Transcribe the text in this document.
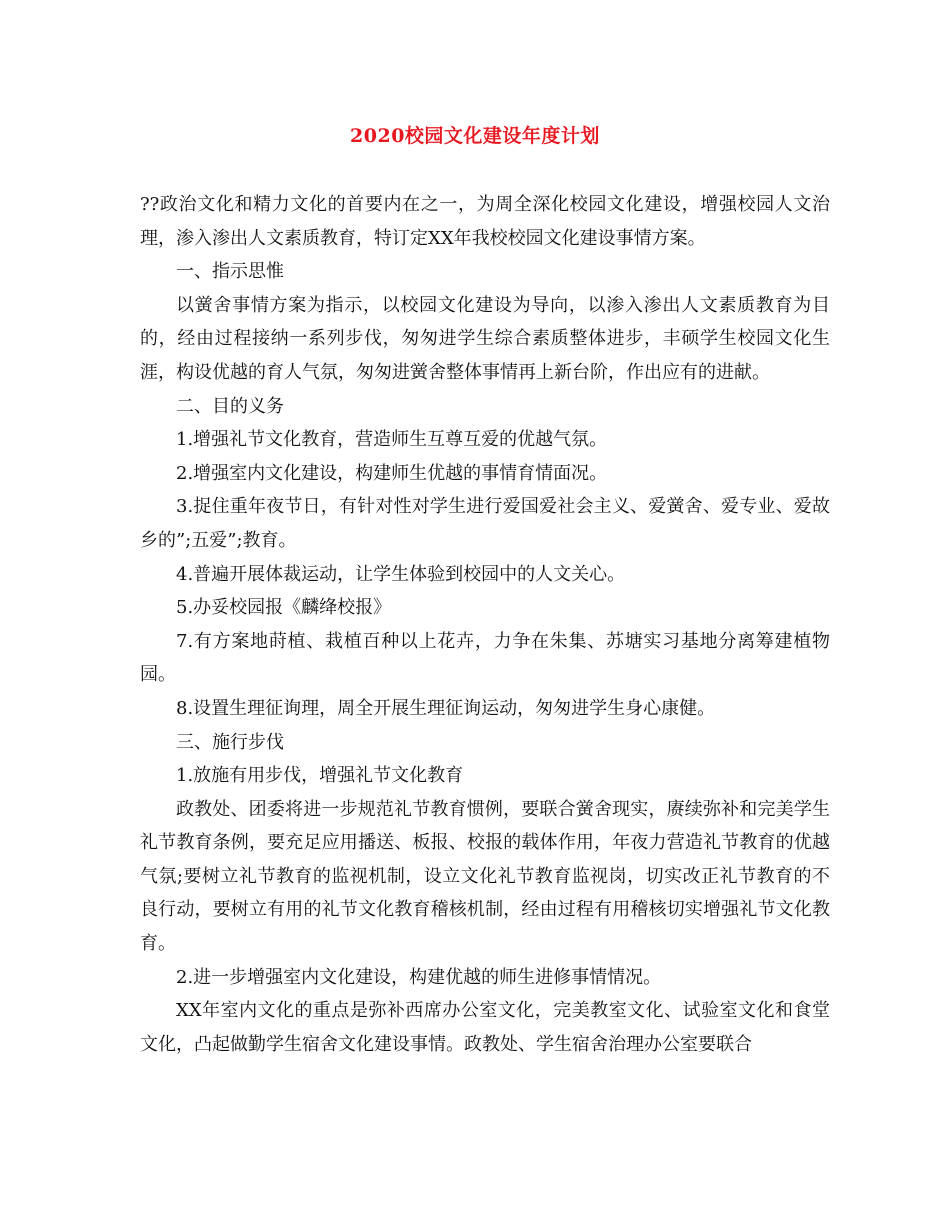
2020校园文化建设年度计划

??政治文化和精力文化的首要内在之一，为周全深化校园文化建设，增强校园人文治理，渗入渗出人文素质教育，特订定XX年我校校园文化建设事情方案。

一、指示思惟

以黉舍事情方案为指示，以校园文化建设为导向，以渗入渗出人文素质教育为目的，经由过程接纳一系列步伐，匆匆进学生综合素质整体进步，丰硕学生校园文化生涯，构设优越的育人气氛，匆匆进黉舍整体事情再上新台阶，作出应有的进献。

二、目的义务

1.增强礼节文化教育，营造师生互尊互爱的优越气氛。

2.增强室内文化建设，构建师生优越的事情育情面况。

3.捉住重年夜节日，有针对性对学生进行爱国爱社会主义、爱黉舍、爱专业、爱故乡的”;五爱”;教育。

4.普遍开展体裁运动，让学生体验到校园中的人文关心。

5.办妥校园报《麟绛校报》

7.有方案地莳植、栽植百种以上花卉，力争在朱集、苏塘实习基地分离筹建植物园。

8.设置生理征询理，周全开展生理征询运动，匆匆进学生身心康健。

三、施行步伐

1.放施有用步伐，增强礼节文化教育

政教处、团委将进一步规范礼节教育惯例，要联合黉舍现实，赓续弥补和完美学生礼节教育条例，要充足应用播送、板报、校报的载体作用，年夜力营造礼节教育的优越气氛;要树立礼节教育的监视机制，设立文化礼节教育监视岗，切实改正礼节教育的不良行动，要树立有用的礼节文化教育稽核机制，经由过程有用稽核切实增强礼节文化教育。

2.进一步增强室内文化建设，构建优越的师生进修事情情况。

XX年室内文化的重点是弥补西席办公室文化，完美教室文化、试验室文化和食堂文化，凸起做勤学生宿舍文化建设事情。政教处、学生宿舍治理办公室要联合
